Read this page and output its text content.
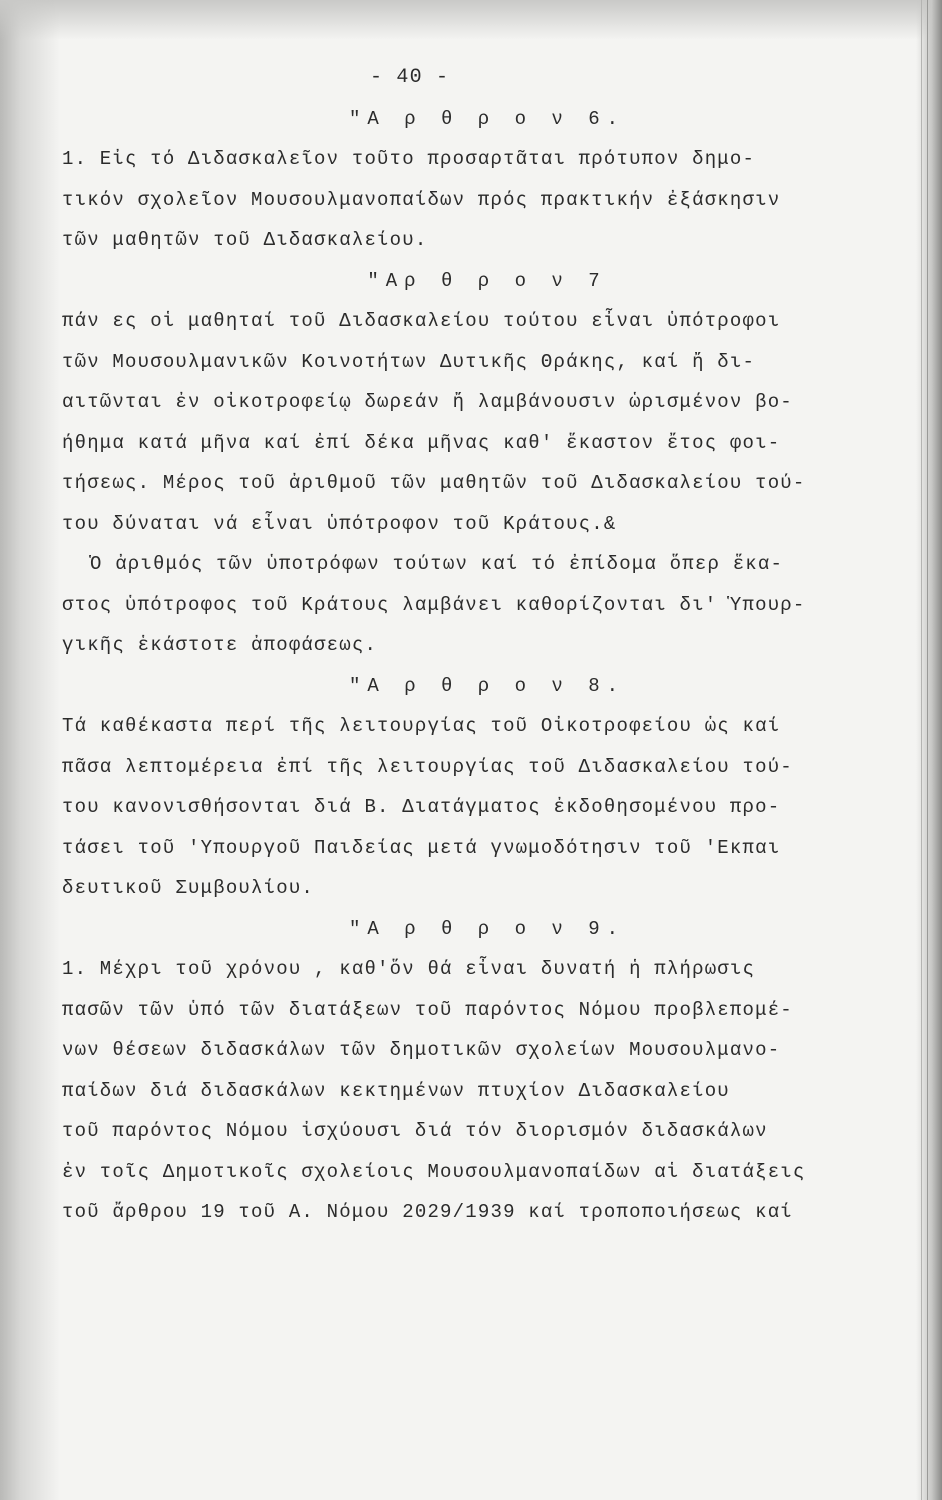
- 40 -
"Α ρ θ ρ ο ν 6.
1. Εἰς τό Διδασκαλεῖον τοῦτο προσαρτᾶται πρότυπον δημο-
τικόν σχολεῖον Μουσουλμανοπαίδων πρός πρακτικήν ἐξάσκησιν
τῶν μαθητῶν τοῦ Διδασκαλείου.
"Αρ θ ρ ο ν 7
πάν ες οἱ μαθηταί τοῦ Διδασκαλείου τούτου εἶναι ὑπότροφοι
τῶν Μουσουλμανικῶν Κοινοτήτων Δυτικῆς Θράκης, καί ἤ δι-
αιτῶνται ἐν οἰκοτροφείῳ δωρεάν ἤ λαμβάνουσιν ὡρισμένον βο-
ήθημα κατά μῆνα καί ἐπί δέκα μῆνας καθ' ἕκαστον ἔτος φοι-
τήσεως. Μέρος τοῦ ἀριθμοῦ τῶν μαθητῶν τοῦ Διδασκαλείου τού-
του δύναται νά εἶναι ὑπότροφον τοῦ Κράτους.&
Ὁ ἀριθμός τῶν ὑποτρόφων τούτων καί τό ἐπίδομα ὅπερ ἕκα-
στος ὑπότροφος τοῦ Κράτους λαμβάνει καθορίζονται δι' Ὑπουρ-
γικῆς ἑκάστοτε ἀποφάσεως.
"Α ρ θ ρ ο ν 8.
Τά καθέκαστα περί τῆς λειτουργίας τοῦ Οἰκοτροφείου ὡς καί
πᾶσα λεπτομέρεια ἐπί τῆς λειτουργίας τοῦ Διδασκαλείου τού-
του κανονισθήσονται διά Β. Διατάγματος ἐκδοθησομένου προ-
τάσει τοῦ 'Υπουργοῦ Παιδείας μετά γνωμοδότησιν τοῦ 'Εκπαι
δευτικοῦ Συμβουλίου.
"Α ρ θ ρ ο ν 9.
1. Μέχρι τοῦ χρόνου , καθ'ὅν θά εἶναι δυνατή ἡ πλήρωσις
πασῶν τῶν ὑπό τῶν διατάξεων τοῦ παρόντος Νόμου προβλεπομέ-
νων θέσεων διδασκάλων τῶν δημοτικῶν σχολείων Μουσουλμανο-
παίδων διά διδασκάλων κεκτημένων πτυχίον Διδασκαλείου
τοῦ παρόντος Νόμου ἰσχύουσι διά τόν διορισμόν διδασκάλων
ἐν τοῖς Δημοτικοῖς σχολείοις Μουσουλμανοπαίδων αἱ διατάξεις
τοῦ ἄρθρου 19 τοῦ Α. Νόμου 2029/1939 καί τροποποιήσεως καί
